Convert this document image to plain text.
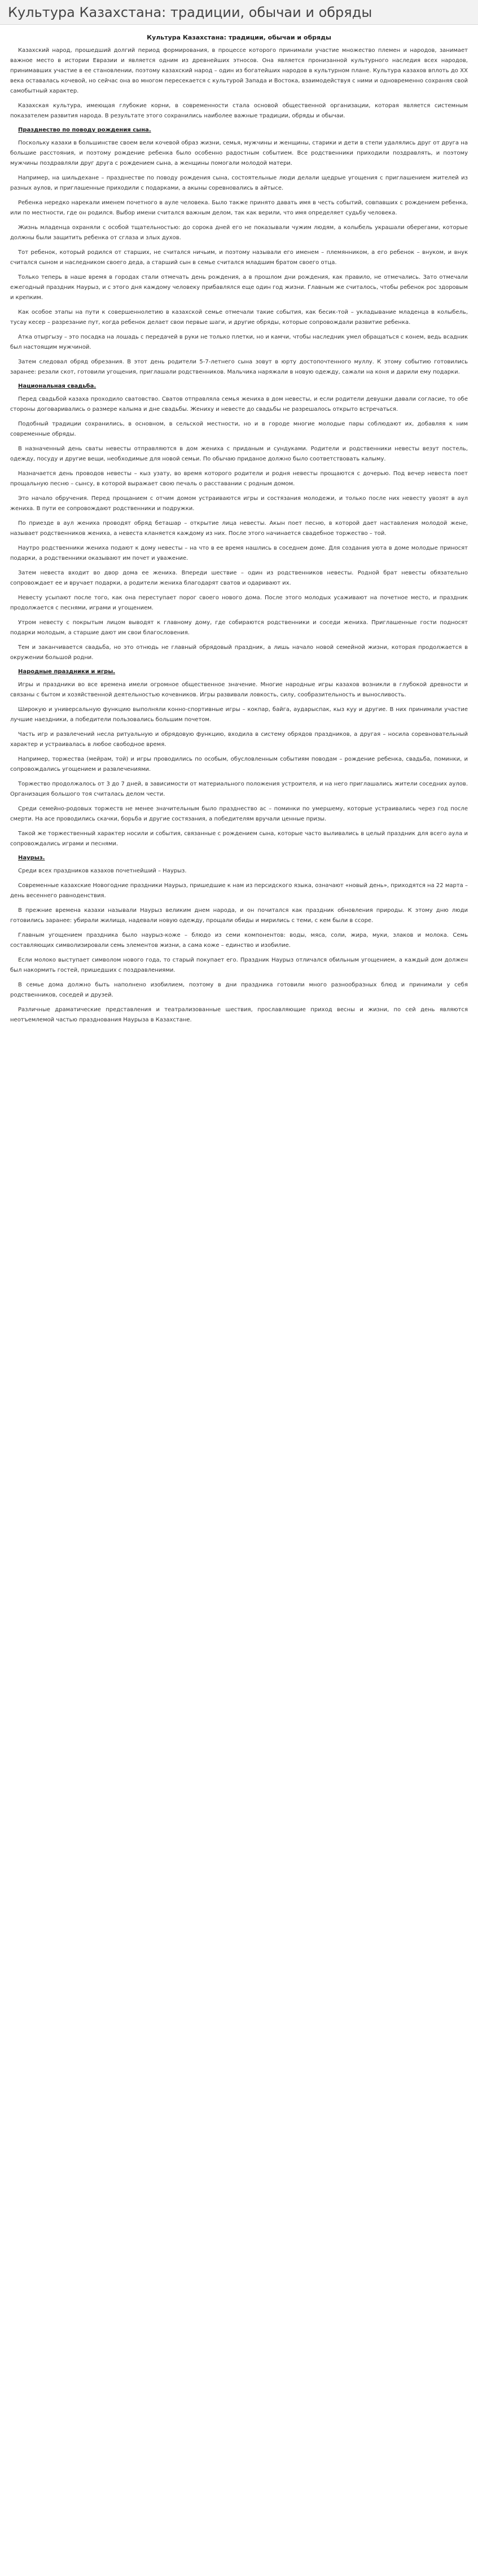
Культура Казахстана: традиции, обычаи и обряды
Культура Казахстана: традиции, обычаи и обряды

Казахский народ, прошедший долгий период формирования, в процессе которого принимали участие множество племен и народов, занимает важное место в истории Евразии и является одним из древнейших этносов. Она является пронизанной культурного наследия всех народов, принимавших участие в ее становлении, поэтому казахский народ – один из богатейших народов в культурном плане. Культура казахов вплоть до XX века оставалась кочевой, но сейчас она во многом пересекается с культурой Запада и Востока, взаимодействуя с ними и одновременно сохраняя свой самобытный характер.

Казахская культура, имеющая глубокие корни, в современности стала основой общественной организации, которая является системным показателем развития народа. В результате этого сохранились наиболее важные традиции, обряды и обычаи.

Празднество по поводу рождения сына.

Поскольку казахи в большинстве своем вели кочевой образ жизни, семья, мужчины и женщины, старики и дети в степи удалялись друг от друга на большие расстояния, и поэтому рождение ребенка было особенно радостным событием. Все родственники приходили поздравлять, и поэтому мужчины поздравляли друг друга с рождением сына, а женщины помогали молодой матери.

Например, на шильдехане – празднестве по поводу рождения сына, состоятельные люди делали щедрые угощения с приглашением жителей из разных аулов, и приглашенные приходили с подарками, а акыны соревновались в айтысе.

Ребенка нередко нарекали именем почетного в ауле человека. Было также принято давать имя в честь событий, совпавших с рождением ребенка, или по местности, где он родился. Выбор имени считался важным делом, так как верили, что имя определяет судьбу человека.

Жизнь младенца охраняли с особой тщательностью: до сорока дней его не показывали чужим людям, а колыбель украшали оберегами, которые должны были защитить ребенка от сглаза и злых духов.

Тот ребенок, который родился от старших, не считался ничьим, и поэтому называли его именем – племянником, а его ребенок – внуком, и внук считался сыном и наследником своего деда, а старший сын в семье считался младшим братом своего отца.

Только теперь в наше время в городах стали отмечать день рождения, а в прошлом дни рождения, как правило, не отмечались. Зато отмечали ежегодный праздник Наурыз, и с этого дня каждому человеку прибавлялся еще один год жизни. Главным же считалось, чтобы ребенок рос здоровым и крепким.

Как особое этапы на пути к совершеннолетию в казахской семье отмечали такие события, как бесик-той – укладывание младенца в колыбель, тусау кесер – разрезание пут, когда ребенок делает свои первые шаги, и другие обряды, которые сопровождали развитие ребенка.

Атка отыргызу – это посадка на лошадь с передачей в руки не только плетки, но и камчи, чтобы наследник умел обращаться с конем, ведь всадник был настоящим мужчиной.

Затем следовал обряд обрезания. В этот день родители 5-7-летнего сына зовут в юрту достопочтенного муллу. К этому событию готовились заранее: резали скот, готовили угощения, приглашали родственников. Мальчика наряжали в новую одежду, сажали на коня и дарили ему подарки.

Национальная свадьба.

Перед свадьбой казаха проходило сватовство. Сватов отправляла семья жениха в дом невесты, и если родители девушки давали согласие, то обе стороны договаривались о размере калыма и дне свадьбы. Жениху и невесте до свадьбы не разрешалось открыто встречаться.

Подобный традиции сохранились, в основном, в сельской местности, но и в городе многие молодые пары соблюдают их, добавляя к ним современные обряды.

В назначенный день сваты невесты отправляются в дом жениха с приданым и сундуками. Родители и родственники невесты везут постель, одежду, посуду и другие вещи, необходимые для новой семьи. По обычаю приданое должно было соответствовать калыму.

Назначается день проводов невесты – кыз узату, во время которого родители и родня невесты прощаются с дочерью. Под вечер невеста поет прощальную песню – сынсу, в которой выражает свою печаль о расставании с родным домом.

Это начало обручения. Перед прощанием с отчим домом устраиваются игры и состязания молодежи, и только после них невесту увозят в аул жениха. В пути ее сопровождают родственники и подружки.

По приезде в аул жениха проводят обряд беташар – открытие лица невесты. Акын поет песню, в которой дает наставления молодой жене, называет родственников жениха, а невеста кланяется каждому из них. После этого начинается свадебное торжество – той.

Наутро родственники жениха подают к дому невесты – на что в ее время нашлись в соседнем доме. Для создания уюта в доме молодые приносят подарки, а родственники оказывают им почет и уважение.

Затем невеста входит во двор дома ее жениха. Впереди шествие – один из родственников невесты. Родной брат невесты обязательно сопровождает ее и вручает подарки, а родители жениха благодарят сватов и одаривают их.

Невесту усыпают после того, как она переступает порог своего нового дома. После этого молодых усаживают на почетное место, и праздник продолжается с песнями, играми и угощением.

Утром невесту с покрытым лицом выводят к главному дому, где собираются родственники и соседи жениха. Приглашенные гости подносят подарки молодым, а старшие дают им свои благословения.

Тем и заканчивается свадьба, но это отнюдь не главный обрядовый праздник, а лишь начало новой семейной жизни, которая продолжается в окружении большой родни.

Народные праздники и игры.

Игры и праздники во все времена имели огромное общественное значение. Многие народные игры казахов возникли в глубокой древности и связаны с бытом и хозяйственной деятельностью кочевников. Игры развивали ловкость, силу, сообразительность и выносливость.

Широкую и универсальную функцию выполняли конно-спортивные игры – кокпар, байга, аударыспак, кыз куу и другие. В них принимали участие лучшие наездники, а победители пользовались большим почетом.

Часть игр и развлечений несла ритуальную и обрядовую функцию, входила в систему обрядов праздников, а другая – носила соревновательный характер и устраивалась в любое свободное время.

Например, торжества (мейрам, той) и игры проводились по особым, обусловленным событиям поводам – рождение ребенка, свадьба, поминки, и сопровождались угощением и развлечениями.

Торжество продолжалось от 3 до 7 дней, в зависимости от материального положения устроителя, и на него приглашались жители соседних аулов. Организация большого тоя считалась делом чести.

Среди семейно-родовых торжеств не менее значительным было празднество ас – поминки по умершему, которые устраивались через год после смерти. На асе проводились скачки, борьба и другие состязания, а победителям вручали ценные призы.

Такой же торжественный характер носили и события, связанные с рождением сына, которые часто выливались в целый праздник для всего аула и сопровождались играми и песнями.

Наурыз.

Среди всех праздников казахов почетнейший – Наурыз.

Современные казахские Новогодние праздники Наурыз, пришедшие к нам из персидского языка, означают «новый день», приходятся на 22 марта – день весеннего равноденствия.

В прежние времена казахи называли Наурыз великим днем народа, и он почитался как праздник обновления природы. К этому дню люди готовились заранее: убирали жилища, надевали новую одежду, прощали обиды и мирились с теми, с кем были в ссоре.

Главным угощением праздника было наурыз-коже – блюдо из семи компонентов: воды, мяса, соли, жира, муки, злаков и молока. Семь составляющих символизировали семь элементов жизни, а сама коже – единство и изобилие.

Если молоко выступает символом нового года, то старый покупает его. Праздник Наурыз отличался обильным угощением, а каждый дом должен был накормить гостей, пришедших с поздравлениями.

В семье дома должно быть наполнено изобилием, поэтому в дни праздника готовили много разнообразных блюд и принимали у себя родственников, соседей и друзей.

Различные драматические представления и театрализованные шествия, прославляющие приход весны и жизни, по сей день являются неотъемлемой частью празднования Наурыза в Казахстане.
